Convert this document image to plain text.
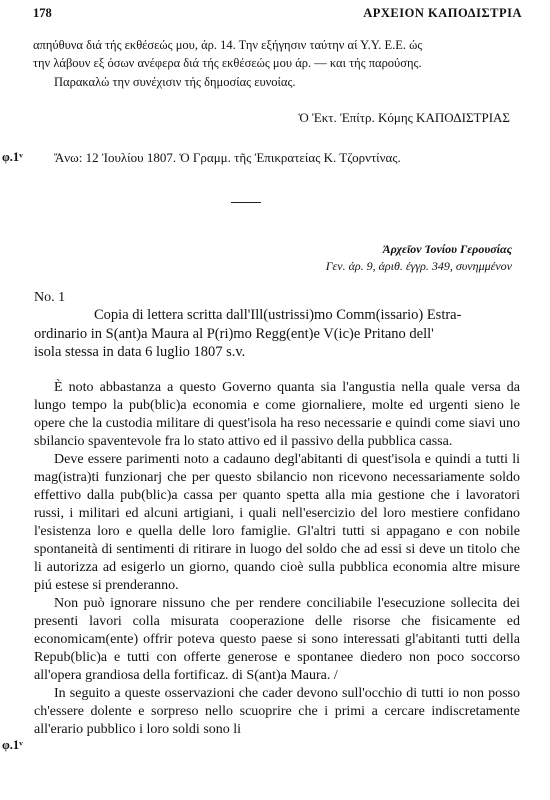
178	ΑΡΧΕΙΟΝ ΚΑΠΟΔΙΣΤΡΙΑ
απηύθυνα διά τής εκθέσεώς μου, άρ. 14. Την εξήγησιν ταύτην αί Υ.Υ. Ε.Ε. ώς
την λάβουν εξ όσων ανέφερα διά τής εκθέσεώς μου άρ. — και τής παρούσης.
Παρακαλώ την συνέχισιν τής δημοσίας ευνοίας.
Ὁ Ἐκτ. Ἐπίτρ. Κόμης ΚΑΠΟΔΙΣΤΡΙΑΣ
φ.1ᵛ Ἄνω: 12 Ἰουλίου 1807. Ὁ Γραμμ. τῆς Ἐπικρατείας Κ. Τζορντίνας.
Ἀρχεῖον Ἰονίου Γερουσίας
Γεν. άρ. 9, άριθ. έγγρ. 349, συνημμένον
No. 1
Copia di lettera scritta dall'Ill(ustrissi)mo Comm(issario) Estra-
ordinario in S(ant)a Maura al P(ri)mo Regg(ent)e V(ic)e Pritano dell'
isola stessa in data 6 luglio 1807 s.v.

È noto abbastanza a questo Governo quanta sia l'angustia nella quale versa da lungo tempo la pub(blic)a economia e come giornaliere, molte ed urgenti sieno le opere che la custodia militare di quest'isola ha reso necessarie e quindi come siavi uno sbilancio spaventevole fra lo stato attivo ed il passivo della pubblica cassa.

Deve essere parimenti noto a cadauno degl'abitanti di quest'isola e quindi a tutti li mag(istra)ti funzionarj che per questo sbilancio non ricevono necessariamente soldo effettivo dalla pub(blic)a cassa per quanto spetta alla mia gestione che i lavoratori russi, i militari ed alcuni artigiani, i quali nell'esercizio del loro mestiere confidano l'esistenza loro e quella delle loro famiglie. Gl'altri tutti si appagano e con nobile spontaneità di sentimenti di ritirare in luogo del soldo che ad essi si deve un titolo che li autorizza ad esigerlo un giorno, quando cioè sulla pubblica economia altre misure piú estese si prenderanno.

Non può ignorare nissuno che per rendere conciliabile l'esecuzione sollecita dei presenti lavori colla misurata cooperazione delle risorse che fisicamente ed economicam(ente) offrir poteva questo paese si sono interessati gl'abitanti tutti della Repub(blic)a e tutti con offerte generose e spontanee diedero non poco soccorso all'opera grandiosa della fortificaz. di S(ant)a Maura. /

In seguito a queste osservazioni che cader devono sull'occhio di tutti io non posso ch'essere dolente e sorpreso nello scuoprire che i primi a cercare indiscretamente all'erario pubblico i loro soldi sono li

φ.1ᵛ
